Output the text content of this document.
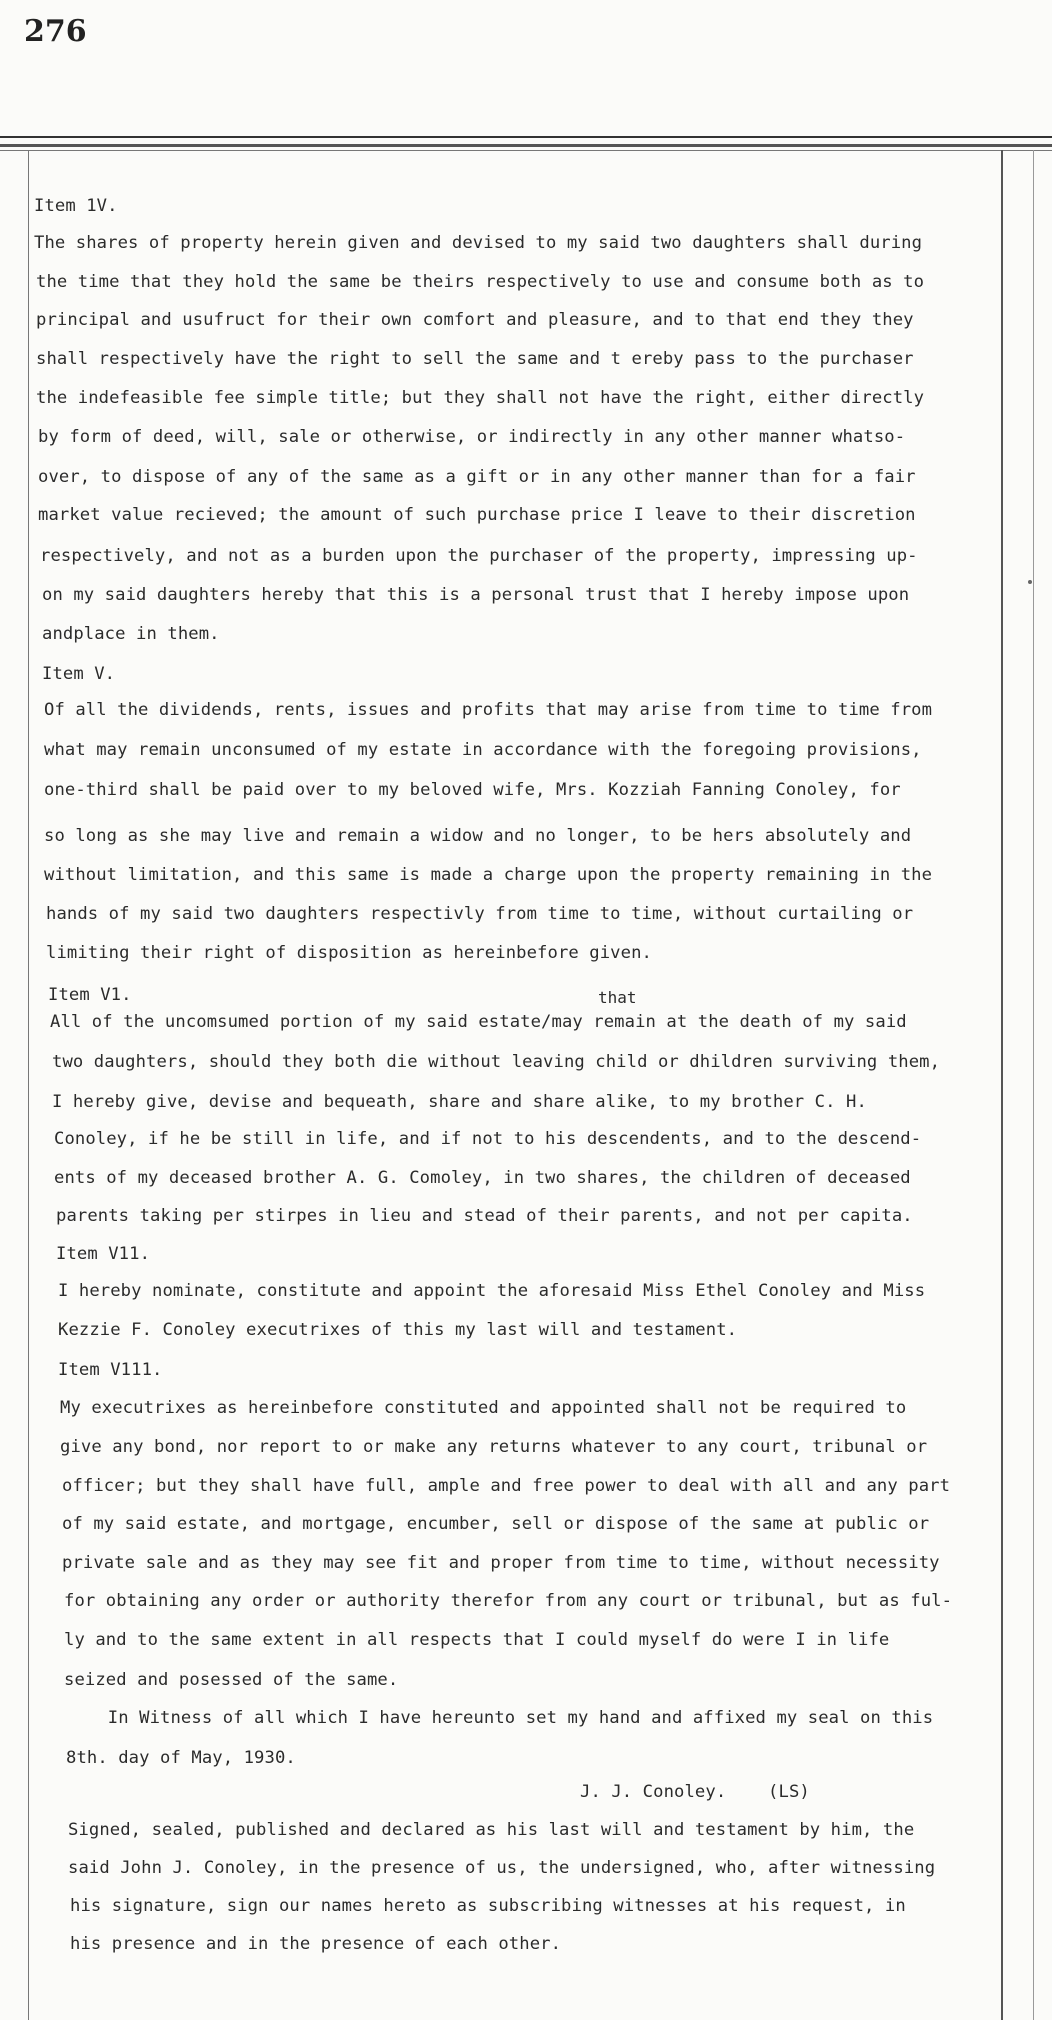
276
Item 1V.
The shares of property herein given and devised to my said two daughters shall during
the time that they hold the same be theirs respectively to use and consume both as to
principal and usufruct for their own comfort and pleasure, and to that end they they
shall respectively have the right to sell the same and t ereby pass to the purchaser
the indefeasible fee simple title; but they shall not have the right, either directly
by form of deed, will, sale or otherwise, or indirectly in any other manner whatso-
over, to dispose of any of the same as a gift or in any other manner than for a fair
market value recieved; the amount of such purchase price I leave to their discretion
respectively, and not as a burden upon the purchaser of the property, impressing up-
on my said daughters hereby that this is a personal trust that I hereby impose upon
andplace in them.
Item V.
Of all the dividends, rents, issues and profits that may arise from time to time from
what may remain unconsumed of my estate in accordance with the foregoing provisions,
one-third shall be paid over to my beloved wife, Mrs. Kozziah Fanning Conoley, for
so long as she may live and remain a widow and no longer, to be hers absolutely and
without limitation, and this same is made a charge upon the property remaining in the
hands of my said two daughters respectivly from time to time, without curtailing or
limiting their right of disposition as hereinbefore given.
Item V1.
All of the uncomsumed portion of my said estate/may remain at the death of my said
two daughters, should they both die without leaving child or dhildren surviving them,
I hereby give, devise and bequeath, share and share alike, to my brother C. H.
Conoley, if he be still in life, and if not to his descendents, and to the descend-
ents of my deceased brother A. G. Comoley, in two shares, the children of deceased
parents taking per stirpes in lieu and stead of their parents, and not per capita.
Item V11.
I hereby nominate, constitute and appoint the aforesaid Miss Ethel Conoley and Miss
Kezzie F. Conoley executrixes of this my last will and testament.
Item V111.
My executrixes as hereinbefore constituted and appointed shall not be required to
give any bond, nor report to or make any returns whatever to any court, tribunal or
officer; but they shall have full, ample and free power to deal with all and any part
of my said estate, and mortgage, encumber, sell or dispose of the same at public or
private sale and as they may see fit and proper from time to time, without necessity
for obtaining any order or authority therefor from any court or tribunal, but as ful-
ly and to the same extent in all respects that I could myself do were I in life
seized and posessed of the same.
In Witness of all which I have hereunto set my hand and affixed my seal on this
8th. day of May, 1930.
J. J. Conoley.    (LS)
Signed, sealed, published and declared as his last will and testament by him, the
said John J. Conoley, in the presence of us, the undersigned, who, after witnessing
his signature, sign our names hereto as subscribing witnesses at his request, in
his presence and in the presence of each other.
that
